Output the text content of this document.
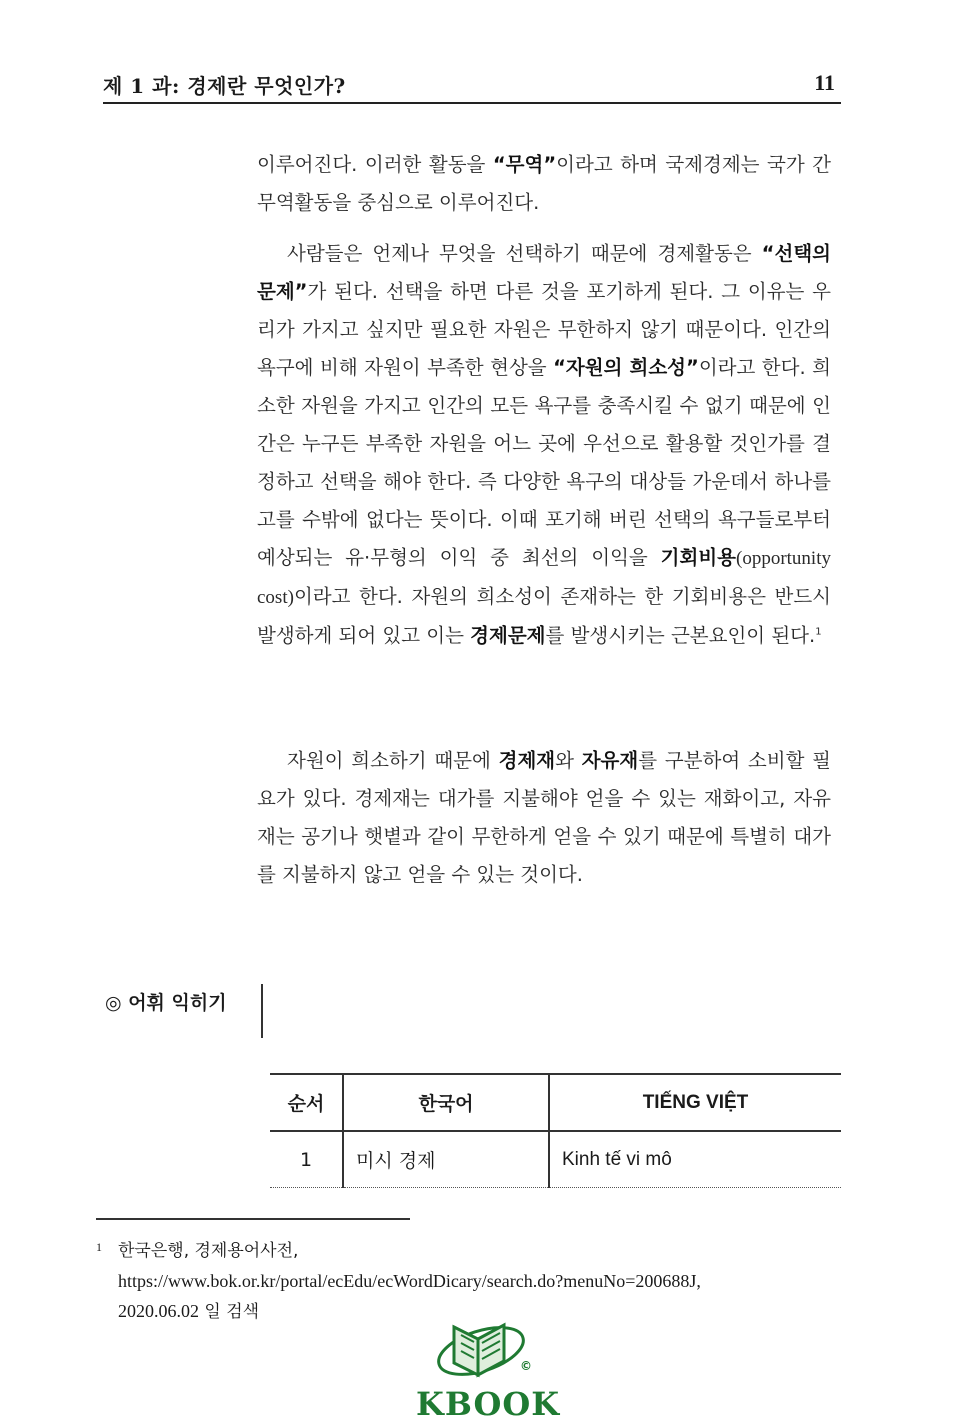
제 1 과: 경제란 무엇인가?	11

이루어진다. 이러한 활동을 “무역”이라고 하며 국제경제는 국가 간 무역활동을 중심으로 이루어진다.

사람들은 언제나 무엇을 선택하기 때문에 경제활동은 “선택의 문제”가 된다. 선택을 하면 다른 것을 포기하게 된다. 그 이유는 우리가 가지고 싶지만 필요한 자원은 무한하지 않기 때문이다. 인간의 욕구에 비해 자원이 부족한 현상을 “자원의 희소성”이라고 한다. 희소한 자원을 가지고 인간의 모든 욕구를 충족시킬 수 없기 때문에 인간은 누구든 부족한 자원을 어느 곳에 우선으로 활용할 것인가를 결정하고 선택을 해야 한다. 즉 다양한 욕구의 대상들 가운데서 하나를 고를 수밖에 없다는 뜻이다. 이때 포기해 버린 선택의 욕구들로부터 예상되는 유·무형의 이익 중 최선의 이익을 기회비용(opportunity cost)이라고 한다. 자원의 희소성이 존재하는 한 기회비용은 반드시 발생하게 되어 있고 이는 경제문제를 발생시키는 근본요인이 된다.$^1$

자원이 희소하기 때문에 경제재와 자유재를 구분하여 소비할 필요가 있다. 경제재는 대가를 지불해야 얻을 수 있는 재화이고, 자유재는 공기나 햇볕과 같이 무한하게 얻을 수 있기 때문에 특별히 대가를 지불하지 않고 얻을 수 있는 것이다.

◎ 어휘 익히기
순서	한국어	TIẾNG VIỆT
1	미시 경제	Kinh tế vi mô
1 한국은행, 경제용어사전,
https://www.bok.or.kr/portal/ecEdu/ecWordDicary/search.do?menuNo=200688J,
2020.06.02 일 검색
©
KBOOK
